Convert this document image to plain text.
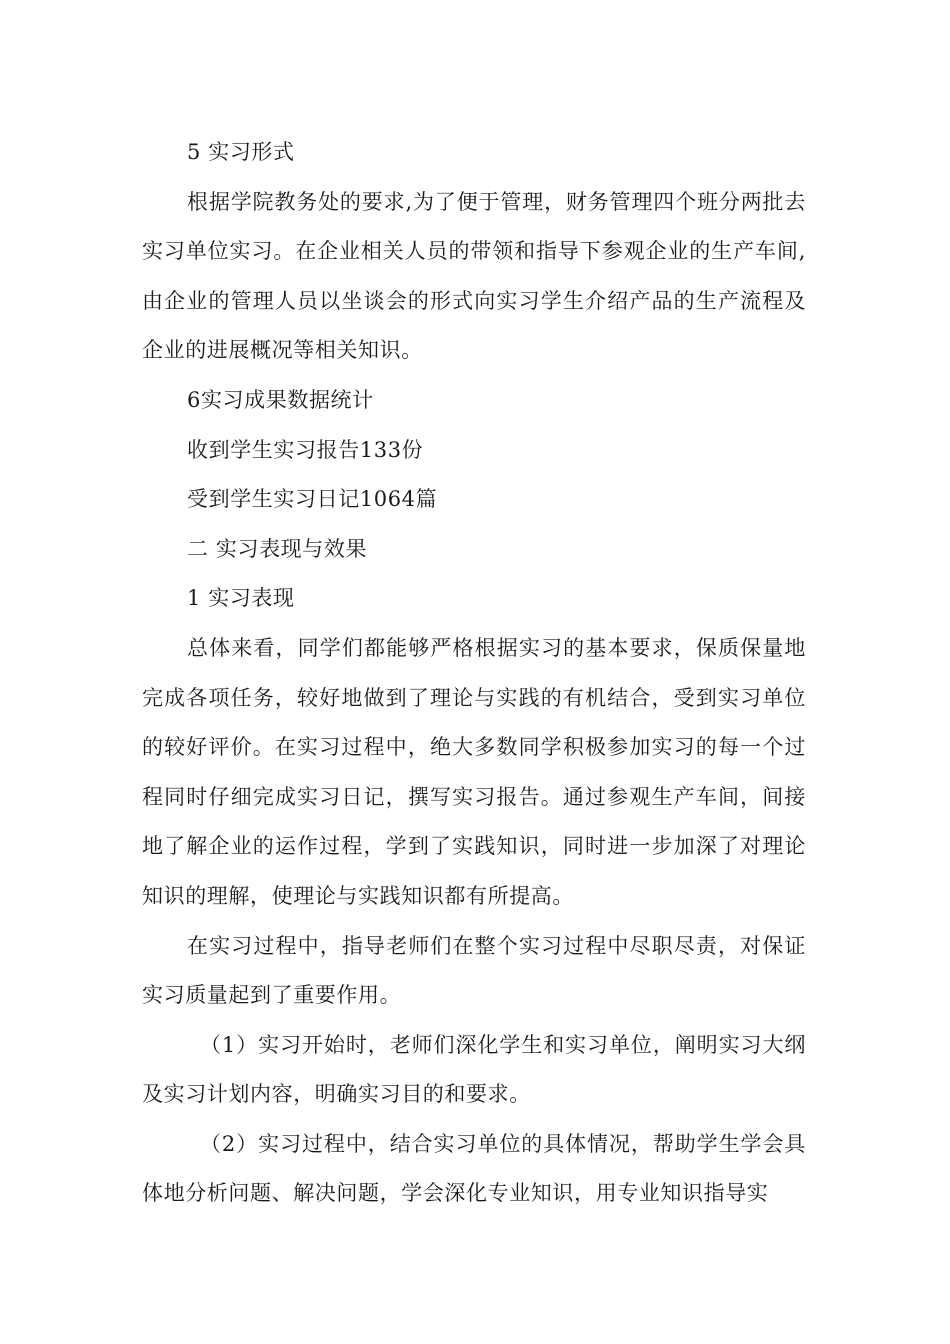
5 实习形式

根据学院教务处的要求,为了便于管理，财务管理四个班分两批去实习单位实习。在企业相关人员的带领和指导下参观企业的生产车间,由企业的管理人员以坐谈会的形式向实习学生介绍产品的生产流程及企业的进展概况等相关知识。

6实习成果数据统计

收到学生实习报告133份

受到学生实习日记1064篇

二 实习表现与效果

1 实习表现

总体来看，同学们都能够严格根据实习的基本要求，保质保量地完成各项任务，较好地做到了理论与实践的有机结合，受到实习单位的较好评价。在实习过程中，绝大多数同学积极参加实习的每一个过程同时仔细完成实习日记，撰写实习报告。通过参观生产车间，间接地了解企业的运作过程，学到了实践知识，同时进一步加深了对理论知识的理解，使理论与实践知识都有所提高。

在实习过程中，指导老师们在整个实习过程中尽职尽责，对保证实习质量起到了重要作用。

（1）实习开始时，老师们深化学生和实习单位，阐明实习大纲及实习计划内容，明确实习目的和要求。

（2）实习过程中，结合实习单位的具体情况，帮助学生学会具体地分析问题、解决问题，学会深化专业知识，用专业知识指导实
